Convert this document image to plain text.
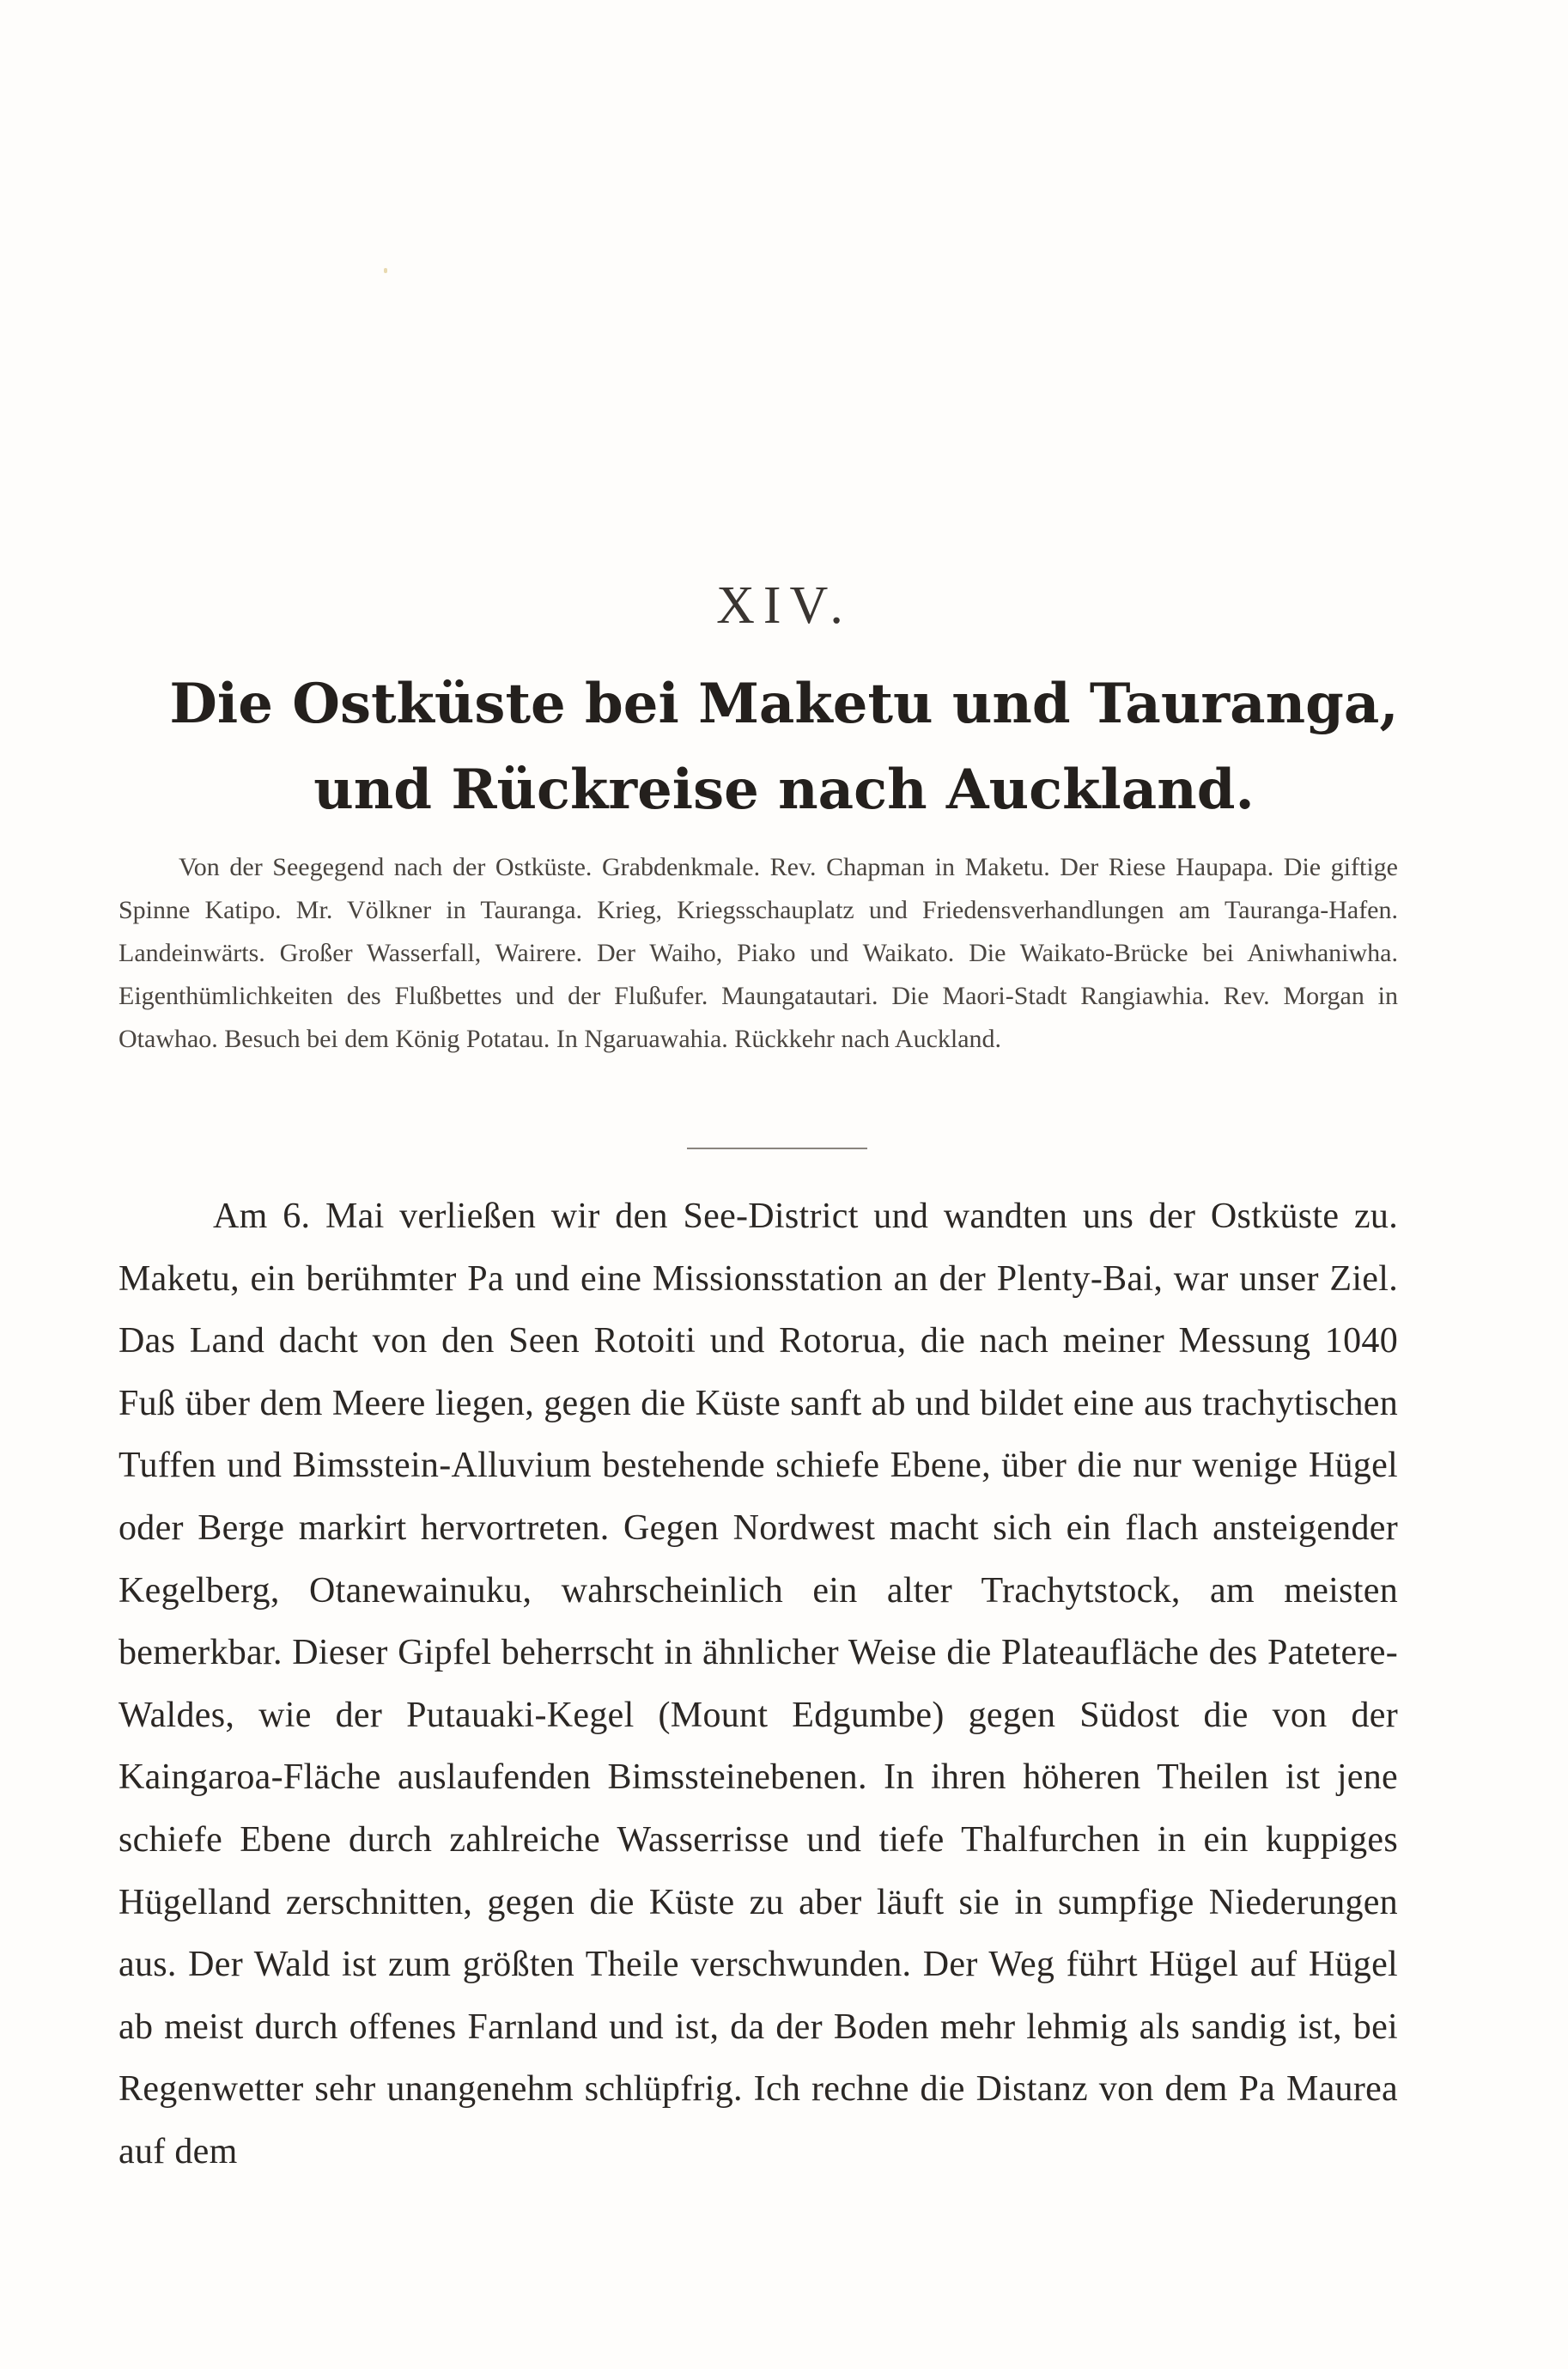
XIV.
Die Ostküste bei Maketu und Tauranga, und Rückreise nach Auckland.
Von der Seegegend nach der Ostküste. Grabdenkmale. Rev. Chapman in Maketu. Der Riese Haupapa. Die giftige Spinne Katipo. Mr. Völkner in Tauranga. Krieg, Kriegsschauplatz und Friedensverhandlungen am Tauranga-Hafen. Landeinwärts. Großer Wasserfall, Wairere. Der Waiho, Piako und Waikato. Die Waikato-Brücke bei Aniwhaniwha. Eigenthümlichkeiten des Flußbettes und der Flußufer. Maungatautari. Die Maori-Stadt Rangiawhia. Rev. Morgan in Otawhao. Besuch bei dem König Potatau. In Ngaruawahia. Rückkehr nach Auckland.
Am 6. Mai verließen wir den See-District und wandten uns der Ostküste zu. Maketu, ein berühmter Pa und eine Missionsstation an der Plenty-Bai, war unser Ziel. Das Land dacht von den Seen Rotoiti und Rotorua, die nach meiner Messung 1040 Fuß über dem Meere liegen, gegen die Küste sanft ab und bildet eine aus trachytischen Tuffen und Bimsstein-Alluvium bestehende schiefe Ebene, über die nur wenige Hügel oder Berge markirt hervortreten. Gegen Nordwest macht sich ein flach ansteigender Kegelberg, Otanewainuku, wahrscheinlich ein alter Trachytstock, am meisten bemerkbar. Dieser Gipfel beherrscht in ähnlicher Weise die Plateaufläche des Patetere-Waldes, wie der Putauaki-Kegel (Mount Edgumbe) gegen Südost die von der Kaingaroa-Fläche auslaufenden Bimssteinebenen. In ihren höheren Theilen ist jene schiefe Ebene durch zahlreiche Wasserrisse und tiefe Thalfurchen in ein kuppiges Hügelland zerschnitten, gegen die Küste zu aber läuft sie in sumpfige Niederungen aus. Der Wald ist zum größten Theile verschwunden. Der Weg führt Hügel auf Hügel ab meist durch offenes Farnland und ist, da der Boden mehr lehmig als sandig ist, bei Regenwetter sehr unangenehm schlüpfrig. Ich rechne die Distanz von dem Pa Maurea auf dem
